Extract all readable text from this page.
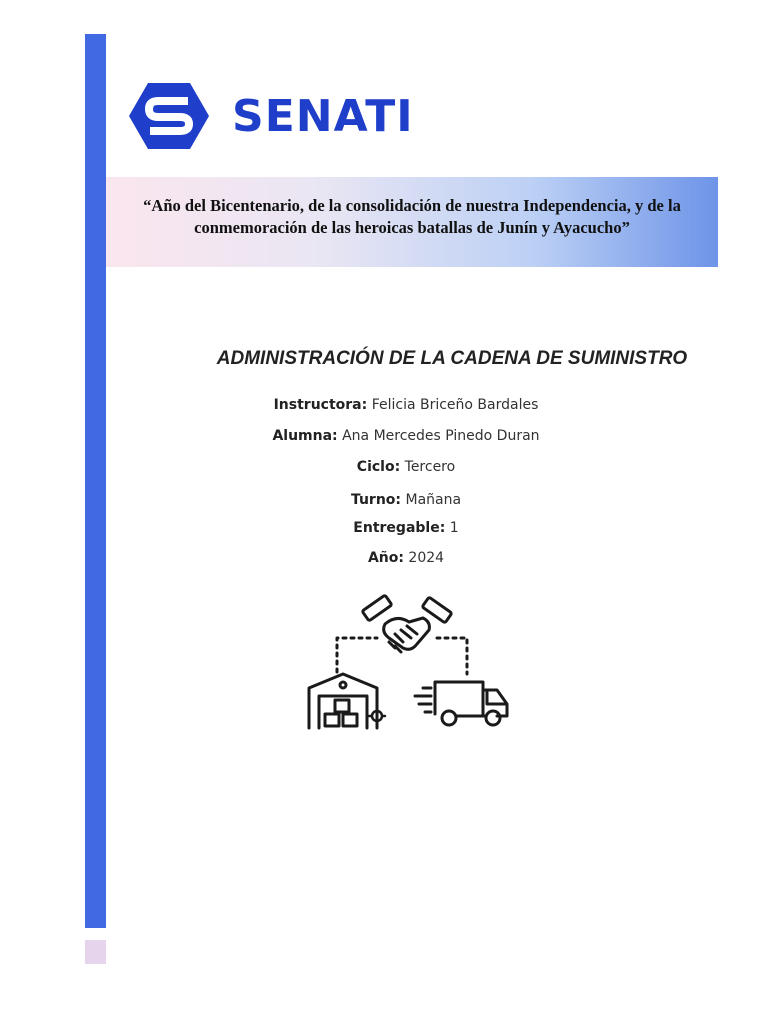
SENATI
“Año del Bicentenario, de la consolidación de nuestra Independencia, y de la conmemoración de las heroicas batallas de Junín y Ayacucho”
ADMINISTRACIÓN DE LA CADENA DE SUMINISTRO
Instructora: Felicia Briceño Bardales
Alumna: Ana Mercedes Pinedo Duran
Ciclo: Tercero
Turno: Mañana
Entregable: 1
Año: 2024
